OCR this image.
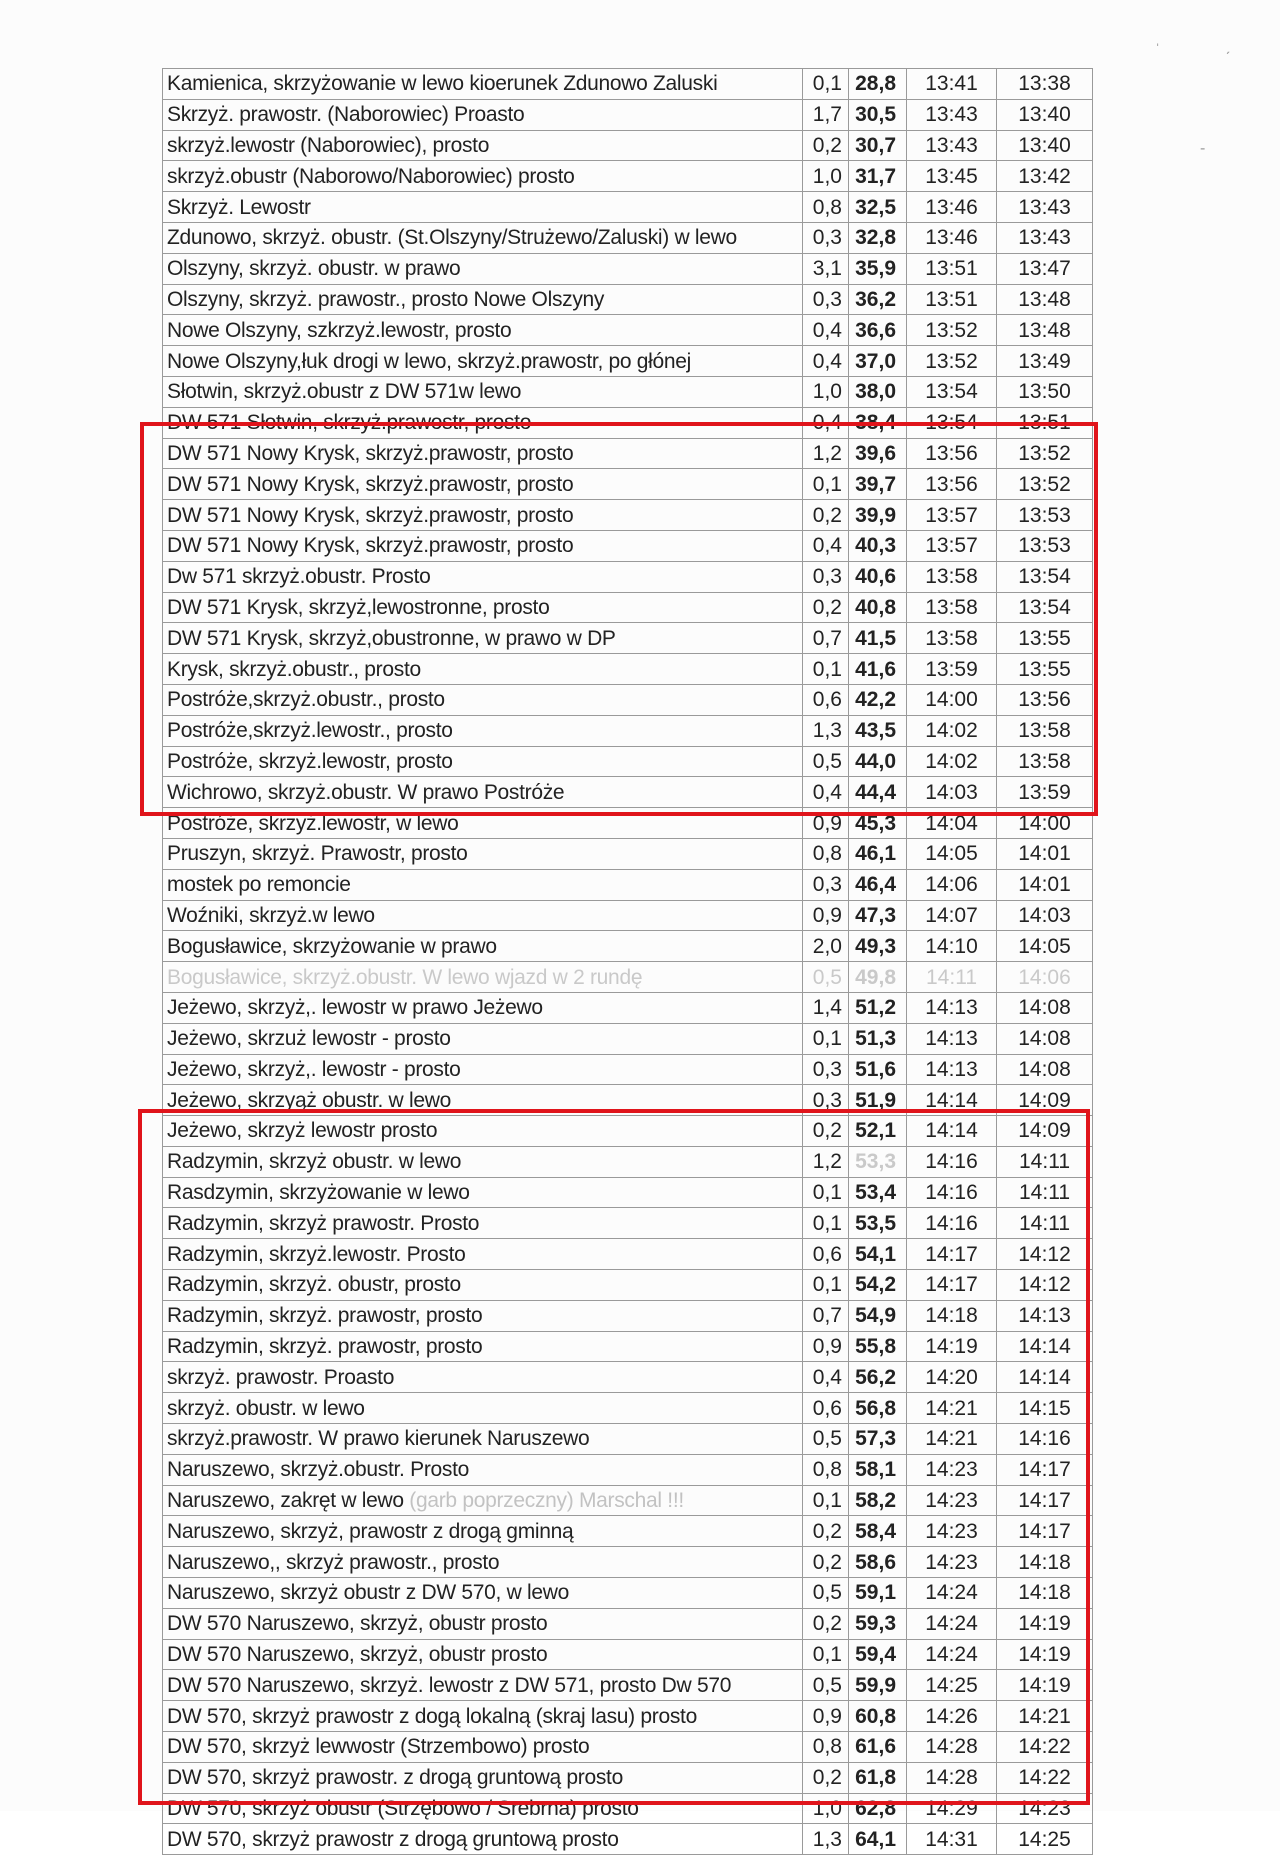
Kamienica, skrzyżowanie w lewo kioerunek Zdunowo Zaluski	0,1	28,8	13:41	13:38
Skrzyż. prawostr. (Naborowiec) Proasto	1,7	30,5	13:43	13:40
skrzyż.lewostr (Naborowiec), prosto	0,2	30,7	13:43	13:40
skrzyż.obustr (Naborowo/Naborowiec) prosto	1,0	31,7	13:45	13:42
Skrzyż. Lewostr	0,8	32,5	13:46	13:43
Zdunowo, skrzyż. obustr. (St.Olszyny/Strużewo/Zaluski) w lewo	0,3	32,8	13:46	13:43
Olszyny, skrzyż. obustr. w prawo	3,1	35,9	13:51	13:47
Olszyny, skrzyż. prawostr., prosto Nowe Olszyny	0,3	36,2	13:51	13:48
Nowe Olszyny, szkrzyż.lewostr, prosto	0,4	36,6	13:52	13:48
Nowe Olszyny,łuk drogi w lewo, skrzyż.prawostr, po głónej	0,4	37,0	13:52	13:49
Słotwin, skrzyż.obustr z DW 571w lewo	1,0	38,0	13:54	13:50
DW 571 Słotwin, skrzyż.prawostr, prosto	0,4	38,4	13:54	13:51
DW 571 Nowy Krysk, skrzyż.prawostr, prosto	1,2	39,6	13:56	13:52
DW 571 Nowy Krysk, skrzyż.prawostr, prosto	0,1	39,7	13:56	13:52
DW 571 Nowy Krysk, skrzyż.prawostr, prosto	0,2	39,9	13:57	13:53
DW 571 Nowy Krysk, skrzyż.prawostr, prosto	0,4	40,3	13:57	13:53
Dw 571 skrzyż.obustr. Prosto	0,3	40,6	13:58	13:54
DW 571 Krysk, skrzyż,lewostronne, prosto	0,2	40,8	13:58	13:54
DW 571 Krysk, skrzyż,obustronne, w prawo w DP	0,7	41,5	13:58	13:55
Krysk, skrzyż.obustr., prosto	0,1	41,6	13:59	13:55
Postróże,skrzyż.obustr., prosto	0,6	42,2	14:00	13:56
Postróże,skrzyż.lewostr., prosto	1,3	43,5	14:02	13:58
Postróże, skrzyż.lewostr, prosto	0,5	44,0	14:02	13:58
Wichrowo, skrzyż.obustr. W prawo Postróże	0,4	44,4	14:03	13:59
Postróże, skrzyż.lewostr, w lewo	0,9	45,3	14:04	14:00
Pruszyn, skrzyż. Prawostr, prosto	0,8	46,1	14:05	14:01
mostek po remoncie	0,3	46,4	14:06	14:01
Woźniki, skrzyż.w lewo	0,9	47,3	14:07	14:03
Bogusławice, skrzyżowanie w prawo	2,0	49,3	14:10	14:05
Bogusławice, skrzyż.obustr. W lewo wjazd w 2 rundę	0,5	49,8	14:11	14:06
Jeżewo, skrzyż,. lewostr w prawo Jeżewo	1,4	51,2	14:13	14:08
Jeżewo, skrzuż lewostr - prosto	0,1	51,3	14:13	14:08
Jeżewo, skrzyż,. lewostr - prosto	0,3	51,6	14:13	14:08
Jeżewo, skrzyąż obustr. w lewo	0,3	51,9	14:14	14:09
Jeżewo, skrzyż lewostr prosto	0,2	52,1	14:14	14:09
Radzymin, skrzyż obustr. w lewo	1,2	53,3	14:16	14:11
Rasdzymin, skrzyżowanie w lewo	0,1	53,4	14:16	14:11
Radzymin, skrzyż prawostr. Prosto	0,1	53,5	14:16	14:11
Radzymin, skrzyż.lewostr. Prosto	0,6	54,1	14:17	14:12
Radzymin, skrzyż. obustr, prosto	0,1	54,2	14:17	14:12
Radzymin, skrzyż. prawostr, prosto	0,7	54,9	14:18	14:13
Radzymin, skrzyż. prawostr, prosto	0,9	55,8	14:19	14:14
skrzyż. prawostr. Proasto	0,4	56,2	14:20	14:14
skrzyż. obustr. w lewo	0,6	56,8	14:21	14:15
skrzyż.prawostr. W prawo kierunek Naruszewo	0,5	57,3	14:21	14:16
Naruszewo, skrzyż.obustr. Prosto	0,8	58,1	14:23	14:17
Naruszewo, zakręt w lewo (garb poprzeczny) Marschal !!!	0,1	58,2	14:23	14:17
Naruszewo, skrzyż, prawostr z drogą gminną	0,2	58,4	14:23	14:17
Naruszewo,, skrzyż prawostr., prosto	0,2	58,6	14:23	14:18
Naruszewo, skrzyż obustr z DW 570, w lewo	0,5	59,1	14:24	14:18
DW 570 Naruszewo, skrzyż, obustr prosto	0,2	59,3	14:24	14:19
DW 570 Naruszewo, skrzyż, obustr prosto	0,1	59,4	14:24	14:19
DW 570 Naruszewo, skrzyż. lewostr z DW 571, prosto Dw 570	0,5	59,9	14:25	14:19
DW 570, skrzyż prawostr z dogą lokalną (skraj lasu) prosto	0,9	60,8	14:26	14:21
DW 570, skrzyż lewwostr (Strzembowo) prosto	0,8	61,6	14:28	14:22
DW 570, skrzyż prawostr. z drogą gruntową prosto	0,2	61,8	14:28	14:22
DW 570, skrzyż obustr (Strzębowo / Srebrna) prosto	1,0	62,8	14:29	14:23
DW 570, skrzyż prawostr z drogą gruntową prosto	1,3	64,1	14:31	14:25
ˌ	ˏ
-
